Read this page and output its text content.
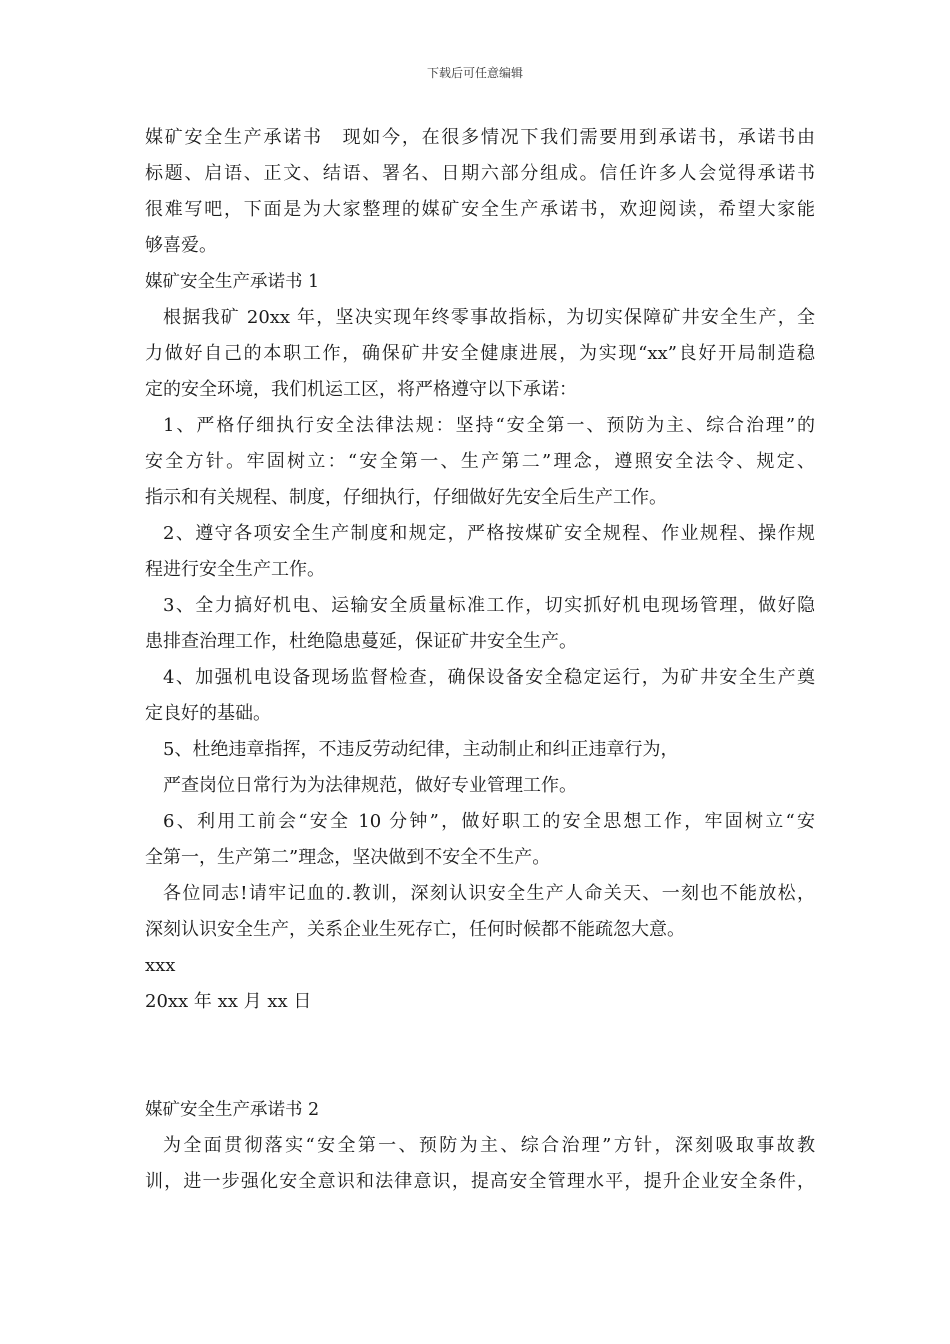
下载后可任意编辑
媒矿安全生产承诺书　现如今，在很多情况下我们需要用到承诺书，承诺书由
标题、启语、正文、结语、署名、日期六部分组成。信任许多人会觉得承诺书
很难写吧，下面是为大家整理的媒矿安全生产承诺书，欢迎阅读，希望大家能
够喜爱。
媒矿安全生产承诺书 1
根据我矿 20xx 年，坚决实现年终零事故指标，为切实保障矿井安全生产，全
力做好自己的本职工作，确保矿井安全健康进展，为实现“xx”良好开局制造稳
定的安全环境，我们机运工区，将严格遵守以下承诺：
1、严格仔细执行安全法律法规：坚持“安全第一、预防为主、综合治理”的
安全方针。牢固树立：“安全第一、生产第二”理念，遵照安全法令、规定、
指示和有关规程、制度，仔细执行，仔细做好先安全后生产工作。
2、遵守各项安全生产制度和规定，严格按煤矿安全规程、作业规程、操作规
程进行安全生产工作。
3、全力搞好机电、运输安全质量标准工作，切实抓好机电现场管理，做好隐
患排查治理工作，杜绝隐患蔓延，保证矿井安全生产。
4、加强机电设备现场监督检查，确保设备安全稳定运行，为矿井安全生产奠
定良好的基础。
5、杜绝违章指挥，不违反劳动纪律，主动制止和纠正违章行为，
严查岗位日常行为为法律规范，做好专业管理工作。
6、利用工前会“安全 10 分钟”，做好职工的安全思想工作，牢固树立“安
全第一，生产第二”理念，坚决做到不安全不生产。
各位同志!请牢记血的.教训，深刻认识安全生产人命关天、一刻也不能放松，
深刻认识安全生产，关系企业生死存亡，任何时候都不能疏忽大意。
xxx
20xx 年 xx 月 xx 日
媒矿安全生产承诺书 2
为全面贯彻落实“安全第一、预防为主、综合治理”方针，深刻吸取事故教
训，进一步强化安全意识和法律意识，提高安全管理水平，提升企业安全条件，
